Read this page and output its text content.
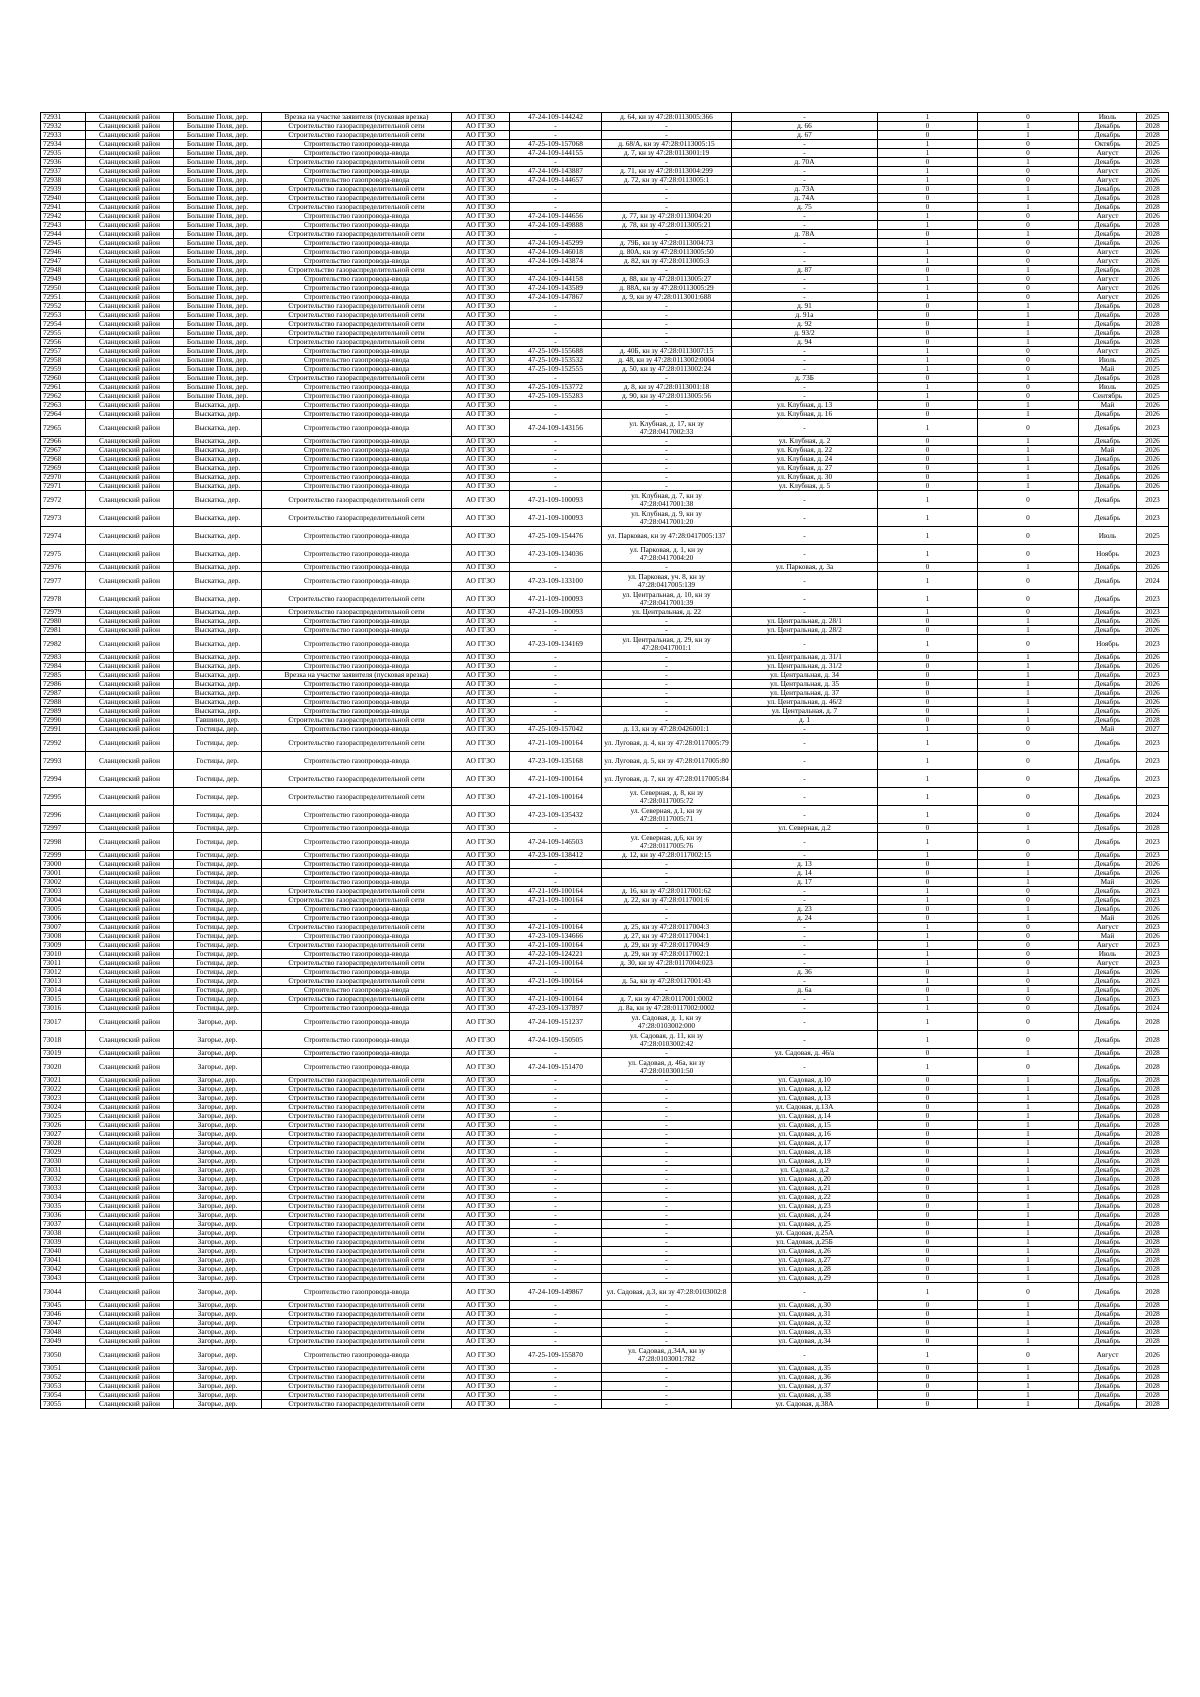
72931	Сланцевский район	Большие Поля, дер.	Врезка на участке заявителя (пусковая врезка)	АО ГГЗО	47-24-109-144242	д. 64, кн зу 47:28:0113005:366	-	1	0	Июль	2025
72932	Сланцевский район	Большие Поля, дер.	Строительство газораспределительной сети	АО ГГЗО	-	-	д. 66	0	1	Декабрь	2028
72933	Сланцевский район	Большие Поля, дер.	Строительство газораспределительной сети	АО ГГЗО	-	-	д. 67	0	1	Декабрь	2028
72934	Сланцевский район	Большие Поля, дер.	Строительство газопровода-ввода	АО ГГЗО	47-25-109-157068	д. 68/А, кн зу 47:28:0113005:15	-	1	0	Октябрь	2025
72935	Сланцевский район	Большие Поля, дер.	Строительство газопровода-ввода	АО ГГЗО	47-24-109-144155	д. 7, кн зу 47:28:0113001:19	-	1	0	Август	2026
72936	Сланцевский район	Большие Поля, дер.	Строительство газораспределительной сети	АО ГГЗО	-	-	д. 70А	0	1	Декабрь	2028
72937	Сланцевский район	Большие Поля, дер.	Строительство газопровода-ввода	АО ГГЗО	47-24-109-143887	д. 71, кн зу 47:28:0113004:299	-	1	0	Август	2026
72938	Сланцевский район	Большие Поля, дер.	Строительство газопровода-ввода	АО ГГЗО	47-24-109-144657	д. 72, кн зу 47:28:0113005:1	-	1	0	Август	2026
72939	Сланцевский район	Большие Поля, дер.	Строительство газораспределительной сети	АО ГГЗО	-	-	д. 73А	0	1	Декабрь	2028
72940	Сланцевский район	Большие Поля, дер.	Строительство газораспределительной сети	АО ГГЗО	-	-	д. 74А	0	1	Декабрь	2028
72941	Сланцевский район	Большие Поля, дер.	Строительство газораспределительной сети	АО ГГЗО	-	-	д. 75	0	1	Декабрь	2028
72942	Сланцевский район	Большие Поля, дер.	Строительство газопровода-ввода	АО ГГЗО	47-24-109-144656	д. 77, кн зу 47:28:0113004:20	-	1	0	Август	2026
72943	Сланцевский район	Большие Поля, дер.	Строительство газопровода-ввода	АО ГГЗО	47-24-109-149888	д. 78, кн зу 47:28:0113005:21	-	1	0	Декабрь	2028
72944	Сланцевский район	Большие Поля, дер.	Строительство газораспределительной сети	АО ГГЗО	-	-	д. 78А	0	1	Декабрь	2028
72945	Сланцевский район	Большие Поля, дер.	Строительство газопровода-ввода	АО ГГЗО	47-24-109-145299	д. 79Б, кн зу 47:28:0113004:73	-	1	0	Декабрь	2026
72946	Сланцевский район	Большие Поля, дер.	Строительство газопровода-ввода	АО ГГЗО	47-24-109-146018	д. 80А, кн зу 47:28:0113005:50	-	1	0	Август	2026
72947	Сланцевский район	Большие Поля, дер.	Строительство газопровода-ввода	АО ГГЗО	47-24-109-143874	д. 82, кн зу 47:28:0113005:3	-	1	0	Август	2026
72948	Сланцевский район	Большие Поля, дер.	Строительство газораспределительной сети	АО ГГЗО	-	-	д. 87	0	1	Декабрь	2028
72949	Сланцевский район	Большие Поля, дер.	Строительство газопровода-ввода	АО ГГЗО	47-24-109-144158	д. 88, кн зу 47:28:0113005:27	-	1	0	Август	2026
72950	Сланцевский район	Большие Поля, дер.	Строительство газопровода-ввода	АО ГГЗО	47-24-109-143589	д. 88А, кн зу 47:28:0113005:29	-	1	0	Август	2026
72951	Сланцевский район	Большие Поля, дер.	Строительство газопровода-ввода	АО ГГЗО	47-24-109-147867	д. 9, кн зу 47:28:0113001:688	-	1	0	Август	2026
72952	Сланцевский район	Большие Поля, дер.	Строительство газораспределительной сети	АО ГГЗО	-	-	д. 91	0	1	Декабрь	2028
72953	Сланцевский район	Большие Поля, дер.	Строительство газораспределительной сети	АО ГГЗО	-	-	д. 91а	0	1	Декабрь	2028
72954	Сланцевский район	Большие Поля, дер.	Строительство газораспределительной сети	АО ГГЗО	-	-	д. 92	0	1	Декабрь	2028
72955	Сланцевский район	Большие Поля, дер.	Строительство газораспределительной сети	АО ГГЗО	-	-	д. 93/2	0	1	Декабрь	2028
72956	Сланцевский район	Большие Поля, дер.	Строительство газораспределительной сети	АО ГГЗО	-	-	д. 94	0	1	Декабрь	2028
72957	Сланцевский район	Большие Поля, дер.	Строительство газопровода-ввода	АО ГГЗО	47-25-109-155688	д. 40Б, кн зу 47:28:0113007:15	-	1	0	Август	2025
72958	Сланцевский район	Большие Поля, дер.	Строительство газопровода-ввода	АО ГГЗО	47-25-109-153532	д. 48, кн зу 47:28:0113002:0004	-	1	0	Июль	2025
72959	Сланцевский район	Большие Поля, дер.	Строительство газопровода-ввода	АО ГГЗО	47-25-109-152555	д. 50, кн зу 47:28:0113002:24	-	1	0	Май	2025
72960	Сланцевский район	Большие Поля, дер.	Строительство газораспределительной сети	АО ГГЗО	-	-	д. 73Б	0	1	Декабрь	2028
72961	Сланцевский район	Большие Поля, дер.	Строительство газопровода-ввода	АО ГГЗО	47-25-109-153772	д. 8, кн зу 47:28:0113001:18	-	1	0	Июль	2025
72962	Сланцевский район	Большие Поля, дер.	Строительство газопровода-ввода	АО ГГЗО	47-25-109-155283	д. 90, кн зу 47:28:0113005:56	-	1	0	Сентябрь	2025
72963	Сланцевский район	Выскатка, дер.	Строительство газопровода-ввода	АО ГГЗО	-	-	ул. Клубная, д. 13	0	1	Май	2026
72964	Сланцевский район	Выскатка, дер.	Строительство газопровода-ввода	АО ГГЗО	-	-	ул. Клубная, д. 16	0	1	Декабрь	2026
72965	Сланцевский район	Выскатка, дер.	Строительство газопровода-ввода	АО ГГЗО	47-24-109-143156	ул. Клубная, д. 17, кн зу 47:28:0417002:33	-	1	0	Декабрь	2023
72966	Сланцевский район	Выскатка, дер.	Строительство газопровода-ввода	АО ГГЗО	-	-	ул. Клубная, д. 2	0	1	Декабрь	2026
72967	Сланцевский район	Выскатка, дер.	Строительство газопровода-ввода	АО ГГЗО	-	-	ул. Клубная, д. 22	0	1	Май	2026
72968	Сланцевский район	Выскатка, дер.	Строительство газопровода-ввода	АО ГГЗО	-	-	ул. Клубная, д. 24	0	1	Декабрь	2026
72969	Сланцевский район	Выскатка, дер.	Строительство газопровода-ввода	АО ГГЗО	-	-	ул. Клубная, д. 27	0	1	Декабрь	2026
72970	Сланцевский район	Выскатка, дер.	Строительство газопровода-ввода	АО ГГЗО	-	-	ул. Клубная, д. 30	0	1	Декабрь	2026
72971	Сланцевский район	Выскатка, дер.	Строительство газопровода-ввода	АО ГГЗО	-	-	ул. Клубная, д. 5	0	1	Декабрь	2026
72972	Сланцевский район	Выскатка, дер.	Строительство газораспределительной сети	АО ГГЗО	47-21-109-100093	ул. Клубная, д. 7, кн зу 47:28:0417001:38	-	1	0	Декабрь	2023
72973	Сланцевский район	Выскатка, дер.	Строительство газораспределительной сети	АО ГГЗО	47-21-109-100093	ул. Клубная, д. 9, кн зу 47:28:0417001:20	-	1	0	Декабрь	2023
72974	Сланцевский район	Выскатка, дер.	Строительство газопровода-ввода	АО ГГЗО	47-25-109-154476	ул. Парковая, кн зу 47:28:0417005:137	-	1	0	Июль	2025
72975	Сланцевский район	Выскатка, дер.	Строительство газопровода-ввода	АО ГГЗО	47-23-109-134036	ул. Парковая, д. 1, кн зу 47:28:0417004:20	-	1	0	Ноябрь	2023
72976	Сланцевский район	Выскатка, дер.	Строительство газопровода-ввода	АО ГГЗО	-	-	ул. Парковая, д. 3а	0	1	Декабрь	2026
72977	Сланцевский район	Выскатка, дер.	Строительство газопровода-ввода	АО ГГЗО	47-23-109-133100	ул. Парковая, уч. 8, кн зу 47:28:0417005:139	-	1	0	Декабрь	2024
72978	Сланцевский район	Выскатка, дер.	Строительство газораспределительной сети	АО ГГЗО	47-21-109-100093	ул. Центральная, д. 10, кн зу 47:28:0417001:39	-	1	0	Декабрь	2023
72979	Сланцевский район	Выскатка, дер.	Строительство газораспределительной сети	АО ГГЗО	47-21-109-100093	ул. Центральная, д. 22	-	1	0	Декабрь	2023
72980	Сланцевский район	Выскатка, дер.	Строительство газопровода-ввода	АО ГГЗО	-	-	ул. Центральная, д. 28/1	0	1	Декабрь	2026
72981	Сланцевский район	Выскатка, дер.	Строительство газопровода-ввода	АО ГГЗО	-	-	ул. Центральная, д. 28/2	0	1	Декабрь	2026
72982	Сланцевский район	Выскатка, дер.	Строительство газопровода-ввода	АО ГГЗО	47-23-109-134169	ул. Центральная, д. 29, кн зу 47:28:0417001:1	-	1	0	Ноябрь	2023
72983	Сланцевский район	Выскатка, дер.	Строительство газопровода-ввода	АО ГГЗО	-	-	ул. Центральная, д. 31/1	0	1	Декабрь	2026
72984	Сланцевский район	Выскатка, дер.	Строительство газопровода-ввода	АО ГГЗО	-	-	ул. Центральная, д. 31/2	0	1	Декабрь	2026
72985	Сланцевский район	Выскатка, дер.	Врезка на участке заявителя (пусковая врезка)	АО ГГЗО	-	-	ул. Центральная, д. 34	0	1	Декабрь	2023
72986	Сланцевский район	Выскатка, дер.	Строительство газопровода-ввода	АО ГГЗО	-	-	ул. Центральная, д. 35	0	1	Декабрь	2026
72987	Сланцевский район	Выскатка, дер.	Строительство газопровода-ввода	АО ГГЗО	-	-	ул. Центральная, д. 37	0	1	Декабрь	2026
72988	Сланцевский район	Выскатка, дер.	Строительство газопровода-ввода	АО ГГЗО	-	-	ул. Центральная, д. 46/2	0	1	Декабрь	2026
72989	Сланцевский район	Выскатка, дер.	Строительство газопровода-ввода	АО ГГЗО	-	-	ул. Центральная, д. 7	0	1	Декабрь	2026
72990	Сланцевский район	Гавшино, дер.	Строительство газораспределительной сети	АО ГГЗО	-	-	д. 1	0	1	Декабрь	2028
72991	Сланцевский район	Гостицы, дер.	Строительство газопровода-ввода	АО ГГЗО	47-25-109-157042	д. 13, кн зу 47:28:0426001:1	-	1	0	Май	2027
72992	Сланцевский район	Гостицы, дер.	Строительство газораспределительной сети	АО ГГЗО	47-21-109-100164	ул. Луговая, д. 4, кн зу 47:28:0117005:79	-	1	0	Декабрь	2023
72993	Сланцевский район	Гостицы, дер.	Строительство газопровода-ввода	АО ГГЗО	47-23-109-135168	ул. Луговая, д. 5, кн зу 47:28:0117005:80	-	1	0	Декабрь	2023
72994	Сланцевский район	Гостицы, дер.	Строительство газораспределительной сети	АО ГГЗО	47-21-109-100164	ул. Луговая, д. 7, кн зу 47:28:0117005:84	-	1	0	Декабрь	2023
72995	Сланцевский район	Гостицы, дер.	Строительство газораспределительной сети	АО ГГЗО	47-21-109-100164	ул. Северная, д. 8, кн зу 47:28:0117005:72	-	1	0	Декабрь	2023
72996	Сланцевский район	Гостицы, дер.	Строительство газопровода-ввода	АО ГГЗО	47-23-109-135432	ул. Северная, д.1, кн зу 47:28:0117005:71	-	1	0	Декабрь	2024
72997	Сланцевский район	Гостицы, дер.	Строительство газопровода-ввода	АО ГГЗО	-	-	ул. Северная, д.2	0	1	Декабрь	2028
72998	Сланцевский район	Гостицы, дер.	Строительство газопровода-ввода	АО ГГЗО	47-24-109-146503	ул. Северная, д.6, кн зу 47:28:0117005:76	-	1	0	Декабрь	2023
72999	Сланцевский район	Гостицы, дер.	Строительство газопровода-ввода	АО ГГЗО	47-23-109-138412	д. 12, кн зу 47:28:0117002:15	-	1	0	Декабрь	2023
73000	Сланцевский район	Гостицы, дер.	Строительство газопровода-ввода	АО ГГЗО	-	-	д. 13	0	1	Декабрь	2026
73001	Сланцевский район	Гостицы, дер.	Строительство газопровода-ввода	АО ГГЗО	-	-	д. 14	0	1	Декабрь	2026
73002	Сланцевский район	Гостицы, дер.	Строительство газопровода-ввода	АО ГГЗО	-	-	д. 17	0	1	Май	2026
73003	Сланцевский район	Гостицы, дер.	Строительство газораспределительной сети	АО ГГЗО	47-21-109-100164	д. 16, кн зу 47:28:0117001:62	-	1	0	Декабрь	2023
73004	Сланцевский район	Гостицы, дер.	Строительство газораспределительной сети	АО ГГЗО	47-21-109-100164	д. 22, кн зу 47:28:0117001:6	-	1	0	Декабрь	2023
73005	Сланцевский район	Гостицы, дер.	Строительство газопровода-ввода	АО ГГЗО	-	-	д. 23	0	1	Декабрь	2026
73006	Сланцевский район	Гостицы, дер.	Строительство газопровода-ввода	АО ГГЗО	-	-	д. 24	0	1	Май	2026
73007	Сланцевский район	Гостицы, дер.	Строительство газораспределительной сети	АО ГГЗО	47-21-109-100164	д. 25, кн зу 47:28:0117004:3	-	1	0	Август	2023
73008	Сланцевский район	Гостицы, дер.	Строительство газопровода-ввода	АО ГГЗО	47-23-109-134666	д. 27, кн зу 47:28:0117004:1	-	1	0	Май	2026
73009	Сланцевский район	Гостицы, дер.	Строительство газораспределительной сети	АО ГГЗО	47-21-109-100164	д. 29, кн зу 47:28:0117004:9	-	1	0	Август	2023
73010	Сланцевский район	Гостицы, дер.	Строительство газопровода-ввода	АО ГГЗО	47-22-109-124221	д. 29, кн зу 47:28:0117002:1	-	1	0	Июль	2023
73011	Сланцевский район	Гостицы, дер.	Строительство газораспределительной сети	АО ГГЗО	47-21-109-100164	д. 30, кн зу 47:28:0117004:023	-	1	0	Август	2023
73012	Сланцевский район	Гостицы, дер.	Строительство газопровода-ввода	АО ГГЗО	-	-	д. 36	0	1	Декабрь	2026
73013	Сланцевский район	Гостицы, дер.	Строительство газораспределительной сети	АО ГГЗО	47-21-109-100164	д. 5а, кн зу 47:28:0117001:43	-	1	0	Декабрь	2023
73014	Сланцевский район	Гостицы, дер.	Строительство газопровода-ввода	АО ГГЗО	-	-	д. 6а	0	1	Декабрь	2026
73015	Сланцевский район	Гостицы, дер.	Строительство газораспределительной сети	АО ГГЗО	47-21-109-100164	д. 7, кн зу 47:28:0117001:0002	-	1	0	Декабрь	2023
73016	Сланцевский район	Гостицы, дер.	Строительство газопровода-ввода	АО ГГЗО	47-23-109-137897	д. 8а, кн зу 47:28:0117002:0002	-	1	0	Декабрь	2024
73017	Сланцевский район	Загорье, дер.	Строительство газопровода-ввода	АО ГГЗО	47-24-109-151237	ул. Садовая, д. 1, кн зу 47:28:0103002:000	-	1	0	Декабрь	2028
73018	Сланцевский район	Загорье, дер.	Строительство газопровода-ввода	АО ГГЗО	47-24-109-150505	ул. Садовая, д. 11, кн зу 47:28:0103002:42	-	1	0	Декабрь	2028
73019	Сланцевский район	Загорье, дер.	Строительство газопровода-ввода	АО ГГЗО	-	-	ул. Садовая, д. 46/а	0	1	Декабрь	2028
73020	Сланцевский район	Загорье, дер.	Строительство газопровода-ввода	АО ГГЗО	47-24-109-151470	ул. Садовая, д. 46а, кн зу 47:28:0103001:50	-	1	0	Декабрь	2028
73021	Сланцевский район	Загорье, дер.	Строительство газораспределительной сети	АО ГГЗО	-	-	ул. Садовая, д.10	0	1	Декабрь	2028
73022	Сланцевский район	Загорье, дер.	Строительство газораспределительной сети	АО ГГЗО	-	-	ул. Садовая, д.12	0	1	Декабрь	2028
73023	Сланцевский район	Загорье, дер.	Строительство газораспределительной сети	АО ГГЗО	-	-	ул. Садовая, д.13	0	1	Декабрь	2028
73024	Сланцевский район	Загорье, дер.	Строительство газораспределительной сети	АО ГГЗО	-	-	ул. Садовая, д.13А	0	1	Декабрь	2028
73025	Сланцевский район	Загорье, дер.	Строительство газораспределительной сети	АО ГГЗО	-	-	ул. Садовая, д.14	0	1	Декабрь	2028
73026	Сланцевский район	Загорье, дер.	Строительство газораспределительной сети	АО ГГЗО	-	-	ул. Садовая, д.15	0	1	Декабрь	2028
73027	Сланцевский район	Загорье, дер.	Строительство газораспределительной сети	АО ГГЗО	-	-	ул. Садовая, д.16	0	1	Декабрь	2028
73028	Сланцевский район	Загорье, дер.	Строительство газораспределительной сети	АО ГГЗО	-	-	ул. Садовая, д.17	0	1	Декабрь	2028
73029	Сланцевский район	Загорье, дер.	Строительство газораспределительной сети	АО ГГЗО	-	-	ул. Садовая, д.18	0	1	Декабрь	2028
73030	Сланцевский район	Загорье, дер.	Строительство газораспределительной сети	АО ГГЗО	-	-	ул. Садовая, д.19	0	1	Декабрь	2028
73031	Сланцевский район	Загорье, дер.	Строительство газораспределительной сети	АО ГГЗО	-	-	ул. Садовая, д.2	0	1	Декабрь	2028
73032	Сланцевский район	Загорье, дер.	Строительство газораспределительной сети	АО ГГЗО	-	-	ул. Садовая, д.20	0	1	Декабрь	2028
73033	Сланцевский район	Загорье, дер.	Строительство газораспределительной сети	АО ГГЗО	-	-	ул. Садовая, д.21	0	1	Декабрь	2028
73034	Сланцевский район	Загорье, дер.	Строительство газораспределительной сети	АО ГГЗО	-	-	ул. Садовая, д.22	0	1	Декабрь	2028
73035	Сланцевский район	Загорье, дер.	Строительство газораспределительной сети	АО ГГЗО	-	-	ул. Садовая, д.23	0	1	Декабрь	2028
73036	Сланцевский район	Загорье, дер.	Строительство газораспределительной сети	АО ГГЗО	-	-	ул. Садовая, д.24	0	1	Декабрь	2028
73037	Сланцевский район	Загорье, дер.	Строительство газораспределительной сети	АО ГГЗО	-	-	ул. Садовая, д.25	0	1	Декабрь	2028
73038	Сланцевский район	Загорье, дер.	Строительство газораспределительной сети	АО ГГЗО	-	-	ул. Садовая, д.25А	0	1	Декабрь	2028
73039	Сланцевский район	Загорье, дер.	Строительство газораспределительной сети	АО ГГЗО	-	-	ул. Садовая, д.25Б	0	1	Декабрь	2028
73040	Сланцевский район	Загорье, дер.	Строительство газораспределительной сети	АО ГГЗО	-	-	ул. Садовая, д.26	0	1	Декабрь	2028
73041	Сланцевский район	Загорье, дер.	Строительство газораспределительной сети	АО ГГЗО	-	-	ул. Садовая, д.27	0	1	Декабрь	2028
73042	Сланцевский район	Загорье, дер.	Строительство газораспределительной сети	АО ГГЗО	-	-	ул. Садовая, д.28	0	1	Декабрь	2028
73043	Сланцевский район	Загорье, дер.	Строительство газораспределительной сети	АО ГГЗО	-	-	ул. Садовая, д.29	0	1	Декабрь	2028
73044	Сланцевский район	Загорье, дер.	Строительство газопровода-ввода	АО ГГЗО	47-24-109-149867	ул. Садовая, д.3, кн зу 47:28:0103002:8	-	1	0	Декабрь	2028
73045	Сланцевский район	Загорье, дер.	Строительство газораспределительной сети	АО ГГЗО	-	-	ул. Садовая, д.30	0	1	Декабрь	2028
73046	Сланцевский район	Загорье, дер.	Строительство газораспределительной сети	АО ГГЗО	-	-	ул. Садовая, д.31	0	1	Декабрь	2028
73047	Сланцевский район	Загорье, дер.	Строительство газораспределительной сети	АО ГГЗО	-	-	ул. Садовая, д.32	0	1	Декабрь	2028
73048	Сланцевский район	Загорье, дер.	Строительство газораспределительной сети	АО ГГЗО	-	-	ул. Садовая, д.33	0	1	Декабрь	2028
73049	Сланцевский район	Загорье, дер.	Строительство газораспределительной сети	АО ГГЗО	-	-	ул. Садовая, д.34	0	1	Декабрь	2028
73050	Сланцевский район	Загорье, дер.	Строительство газопровода-ввода	АО ГГЗО	47-25-109-155870	ул. Садовая, д.34А, кн зу 47:28:0103001:782	-	1	0	Август	2026
73051	Сланцевский район	Загорье, дер.	Строительство газораспределительной сети	АО ГГЗО	-	-	ул. Садовая, д.35	0	1	Декабрь	2028
73052	Сланцевский район	Загорье, дер.	Строительство газораспределительной сети	АО ГГЗО	-	-	ул. Садовая, д.36	0	1	Декабрь	2028
73053	Сланцевский район	Загорье, дер.	Строительство газораспределительной сети	АО ГГЗО	-	-	ул. Садовая, д.37	0	1	Декабрь	2028
73054	Сланцевский район	Загорье, дер.	Строительство газораспределительной сети	АО ГГЗО	-	-	ул. Садовая, д.38	0	1	Декабрь	2028
73055	Сланцевский район	Загорье, дер.	Строительство газораспределительной сети	АО ГГЗО	-	-	ул. Садовая, д.38А	0	1	Декабрь	2028
